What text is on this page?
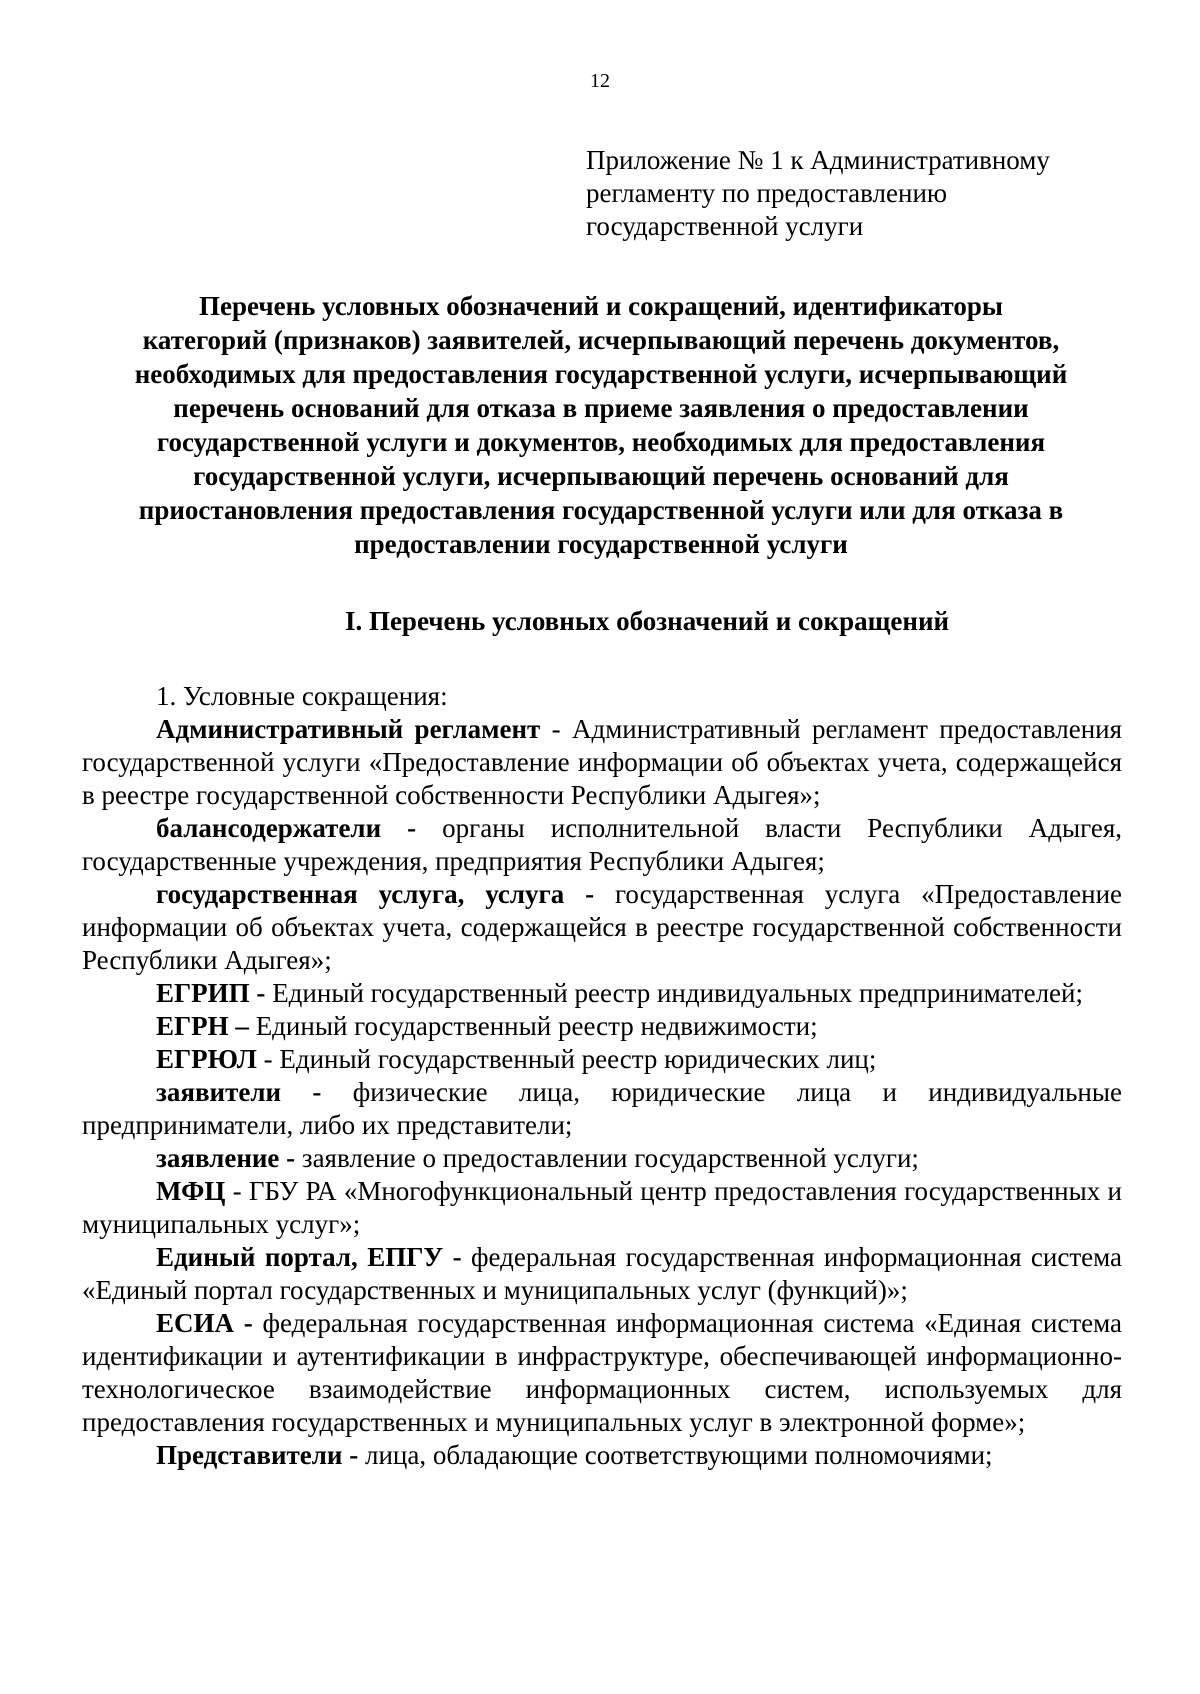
12
Приложение № 1 к Административному
регламенту по предоставлению
государственной услуги
Перечень условных обозначений и сокращений, идентификаторы
категорий (признаков) заявителей, исчерпывающий перечень документов,
необходимых для предоставления государственной услуги, исчерпывающий
перечень оснований для отказа в приеме заявления о предоставлении
государственной услуги и документов, необходимых для предоставления
государственной услуги, исчерпывающий перечень оснований для
приостановления предоставления государственной услуги или для отказа в
предоставлении государственной услуги
I. Перечень условных обозначений и сокращений

1. Условные сокращения:

Административный регламент - Административный регламент предоставления государственной услуги «Предоставление информации об объектах учета, содержащейся в реестре государственной собственности Республики Адыгея»;

балансодержатели - органы исполнительной власти Республики Адыгея, государственные учреждения, предприятия Республики Адыгея;

государственная услуга, услуга - государственная услуга «Предоставление информации об объектах учета, содержащейся в реестре государственной собственности Республики Адыгея»;

ЕГРИП - Единый государственный реестр индивидуальных предпринимателей;

ЕГРН – Единый государственный реестр недвижимости;

ЕГРЮЛ - Единый государственный реестр юридических лиц;

заявители - физические лица, юридические лица и индивидуальные предприниматели, либо их представители;

заявление - заявление о предоставлении государственной услуги;

МФЦ - ГБУ РА «Многофункциональный центр предоставления государственных и муниципальных услуг»;

Единый портал, ЕПГУ - федеральная государственная информационная система «Единый портал государственных и муниципальных услуг (функций)»;

ЕСИА - федеральная государственная информационная система «Единая система идентификации и аутентификации в инфраструктуре, обеспечивающей информационно-технологическое взаимодействие информационных систем, используемых для предоставления государственных и муниципальных услуг в электронной форме»;

Представители - лица, обладающие соответствующими полномочиями;
